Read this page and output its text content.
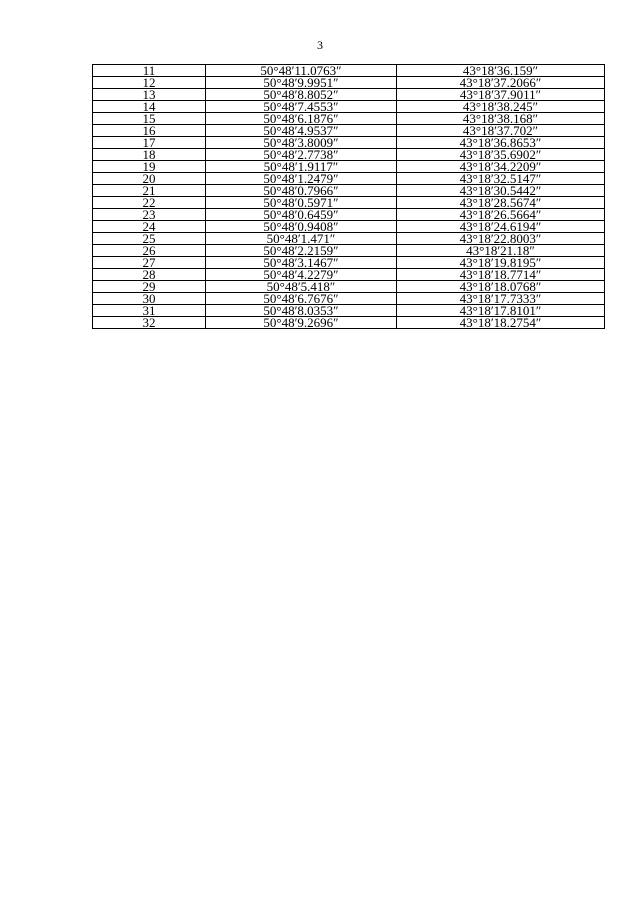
3
11	50°48′11.0763″	43°18′36.159″
12	50°48′9.9951″	43°18′37.2066″
13	50°48′8.8052″	43°18′37.9011″
14	50°48′7.4553″	43°18′38.245″
15	50°48′6.1876″	43°18′38.168″
16	50°48′4.9537″	43°18′37.702″
17	50°48′3.8009″	43°18′36.8653″
18	50°48′2.7738″	43°18′35.6902″
19	50°48′1.9117″	43°18′34.2209″
20	50°48′1.2479″	43°18′32.5147″
21	50°48′0.7966″	43°18′30.5442″
22	50°48′0.5971″	43°18′28.5674″
23	50°48′0.6459″	43°18′26.5664″
24	50°48′0.9408″	43°18′24.6194″
25	50°48′1.471″	43°18′22.8003″
26	50°48′2.2159″	43°18′21.18″
27	50°48′3.1467″	43°18′19.8195″
28	50°48′4.2279″	43°18′18.7714″
29	50°48′5.418″	43°18′18.0768″
30	50°48′6.7676″	43°18′17.7333″
31	50°48′8.0353″	43°18′17.8101″
32	50°48′9.2696″	43°18′18.2754″
